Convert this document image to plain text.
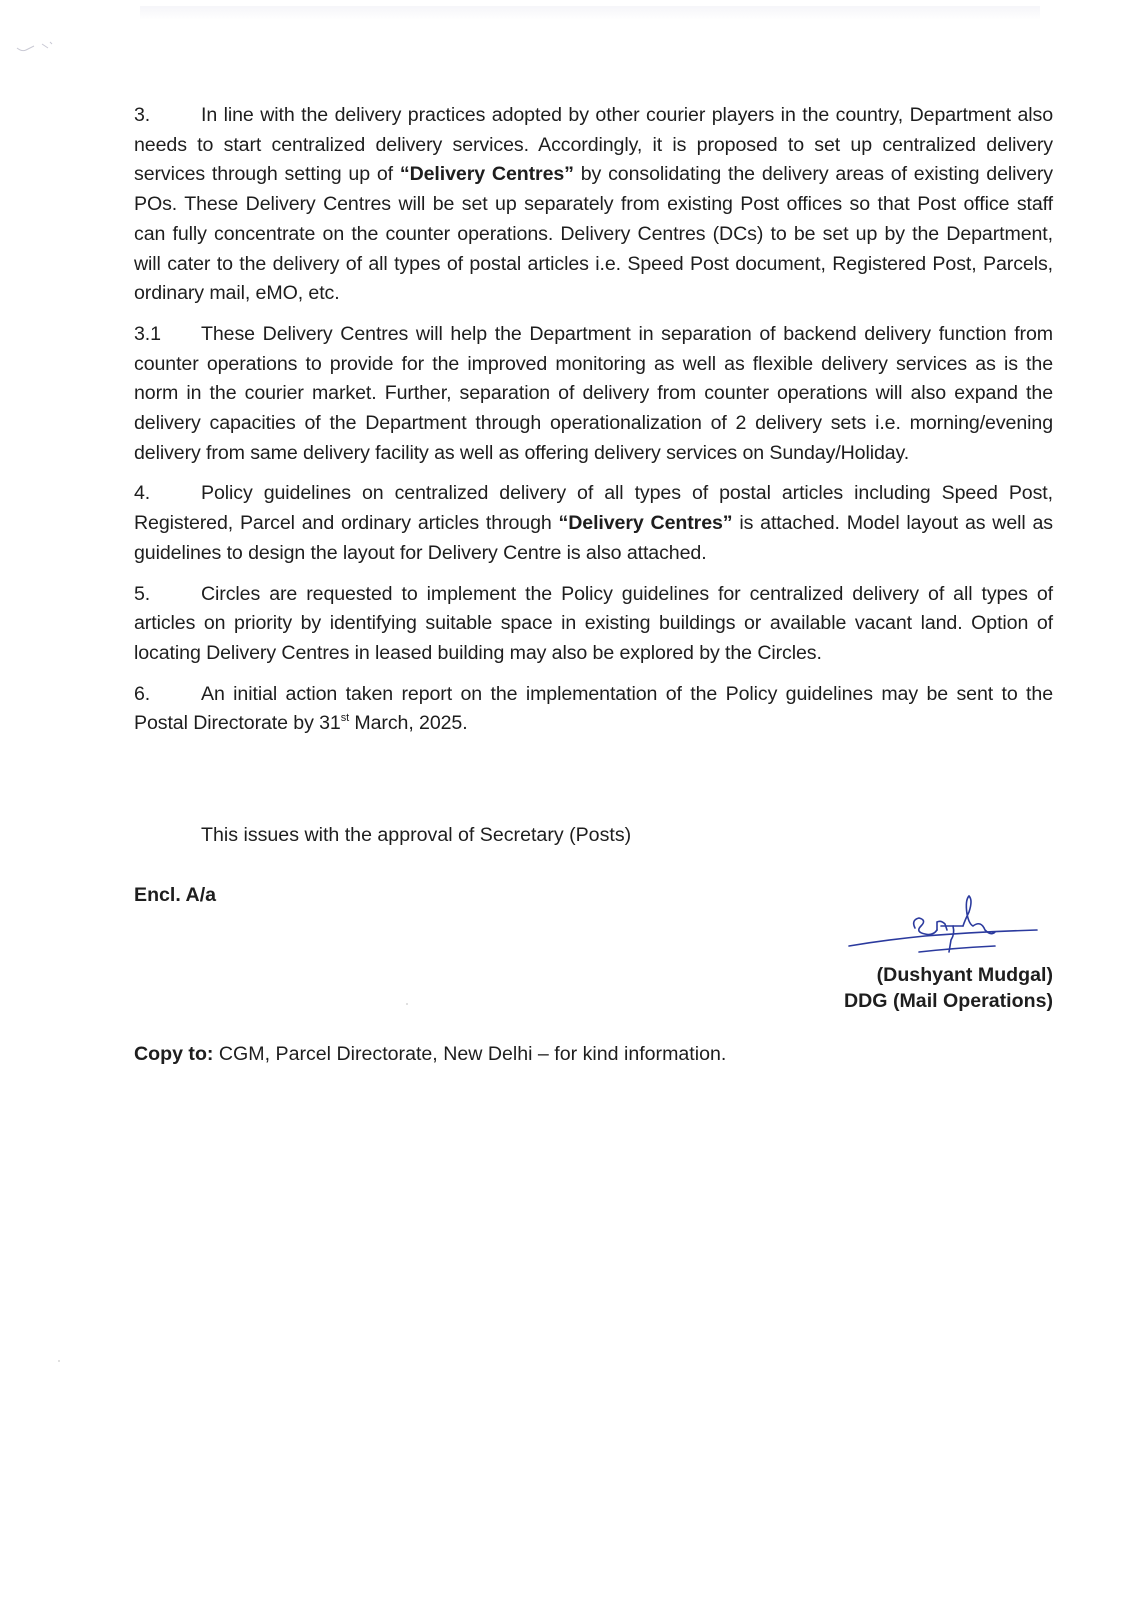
3.	In line with the delivery practices adopted by other courier players in the country, Department also needs to start centralized delivery services. Accordingly, it is proposed to set up centralized delivery services through setting up of “Delivery Centres” by consolidating the delivery areas of existing delivery POs. These Delivery Centres will be set up separately from existing Post offices so that Post office staff can fully concentrate on the counter operations. Delivery Centres (DCs) to be set up by the Department, will cater to the delivery of all types of postal articles i.e. Speed Post document, Registered Post, Parcels, ordinary mail, eMO, etc.

3.1 These Delivery Centres will help the Department in separation of backend delivery function from counter operations to provide for the improved monitoring as well as flexible delivery services as is the norm in the courier market. Further, separation of delivery from counter operations will also expand the delivery capacities of the Department through operationalization of 2 delivery sets i.e. morning/evening delivery from same delivery facility as well as offering delivery services on Sunday/Holiday.

4.	Policy guidelines on centralized delivery of all types of postal articles including Speed Post, Registered, Parcel and ordinary articles through “Delivery Centres” is attached. Model layout as well as guidelines to design the layout for Delivery Centre is also attached.

5.	Circles are requested to implement the Policy guidelines for centralized delivery of all types of articles on priority by identifying suitable space in existing buildings or available vacant land. Option of locating Delivery Centres in leased building may also be explored by the Circles.

6.	An initial action taken report on the implementation of the Policy guidelines may be sent to the Postal Directorate by 31st March, 2025.

This issues with the approval of Secretary (Posts)
Encl. A/a
(Dushyant Mudgal)
DDG (Mail Operations)
Copy to: CGM, Parcel Directorate, New Delhi – for kind information.
